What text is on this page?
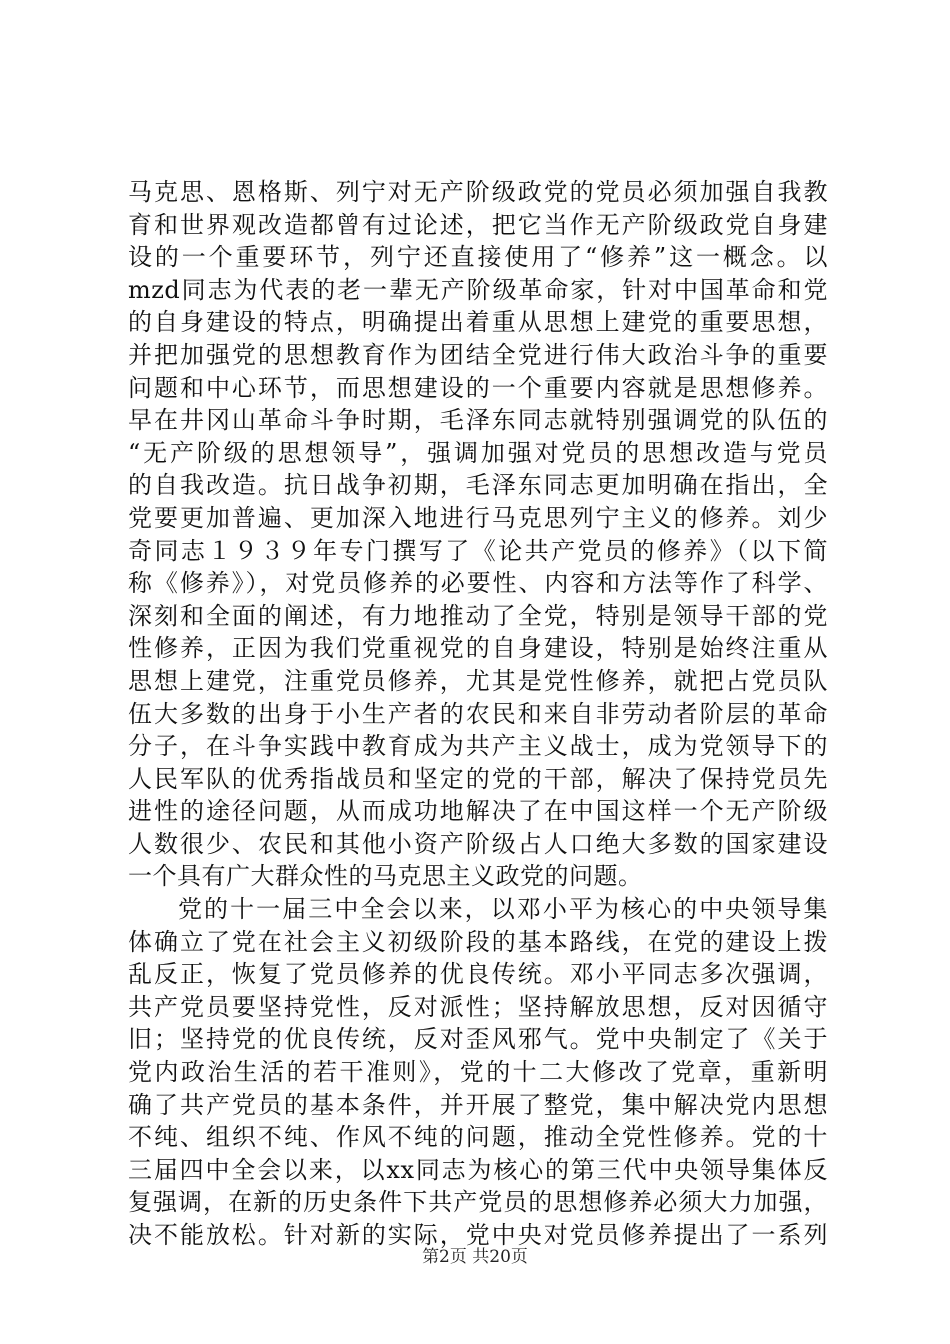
马克思、恩格斯、列宁对无产阶级政党的党员必须加强自我教
育和世界观改造都曾有过论述，把它当作无产阶级政党自身建
设的一个重要环节，列宁还直接使用了“修养”这一概念。以
mzd同志为代表的老一辈无产阶级革命家，针对中国革命和党
的自身建设的特点，明确提出着重从思想上建党的重要思想，
并把加强党的思想教育作为团结全党进行伟大政治斗争的重要
问题和中心环节，而思想建设的一个重要内容就是思想修养。
早在井冈山革命斗争时期，毛泽东同志就特别强调党的队伍的
“无产阶级的思想领导”，强调加强对党员的思想改造与党员
的自我改造。抗日战争初期，毛泽东同志更加明确在指出，全
党要更加普遍、更加深入地进行马克思列宁主义的修养。刘少
奇同志１９３９年专门撰写了《论共产党员的修养》（以下简
称《修养》），对党员修养的必要性、内容和方法等作了科学、
深刻和全面的阐述，有力地推动了全党，特别是领导干部的党
性修养，正因为我们党重视党的自身建设，特别是始终注重从
思想上建党，注重党员修养，尤其是党性修养，就把占党员队
伍大多数的出身于小生产者的农民和来自非劳动者阶层的革命
分子，在斗争实践中教育成为共产主义战士，成为党领导下的
人民军队的优秀指战员和坚定的党的干部，解决了保持党员先
进性的途径问题，从而成功地解决了在中国这样一个无产阶级
人数很少、农民和其他小资产阶级占人口绝大多数的国家建设
一个具有广大群众性的马克思主义政党的问题。
党的十一届三中全会以来，以邓小平为核心的中央领导集
体确立了党在社会主义初级阶段的基本路线，在党的建设上拨
乱反正，恢复了党员修养的优良传统。邓小平同志多次强调，
共产党员要坚持党性，反对派性；坚持解放思想，反对因循守
旧；坚持党的优良传统，反对歪风邪气。党中央制定了《关于
党内政治生活的若干准则》，党的十二大修改了党章，重新明
确了共产党员的基本条件，并开展了整党，集中解决党内思想
不纯、组织不纯、作风不纯的问题，推动全党性修养。党的十
三届四中全会以来，以xx同志为核心的第三代中央领导集体反
复强调，在新的历史条件下共产党员的思想修养必须大力加强，
决不能放松。针对新的实际，党中央对党员修养提出了一系列
第2页 共20页
